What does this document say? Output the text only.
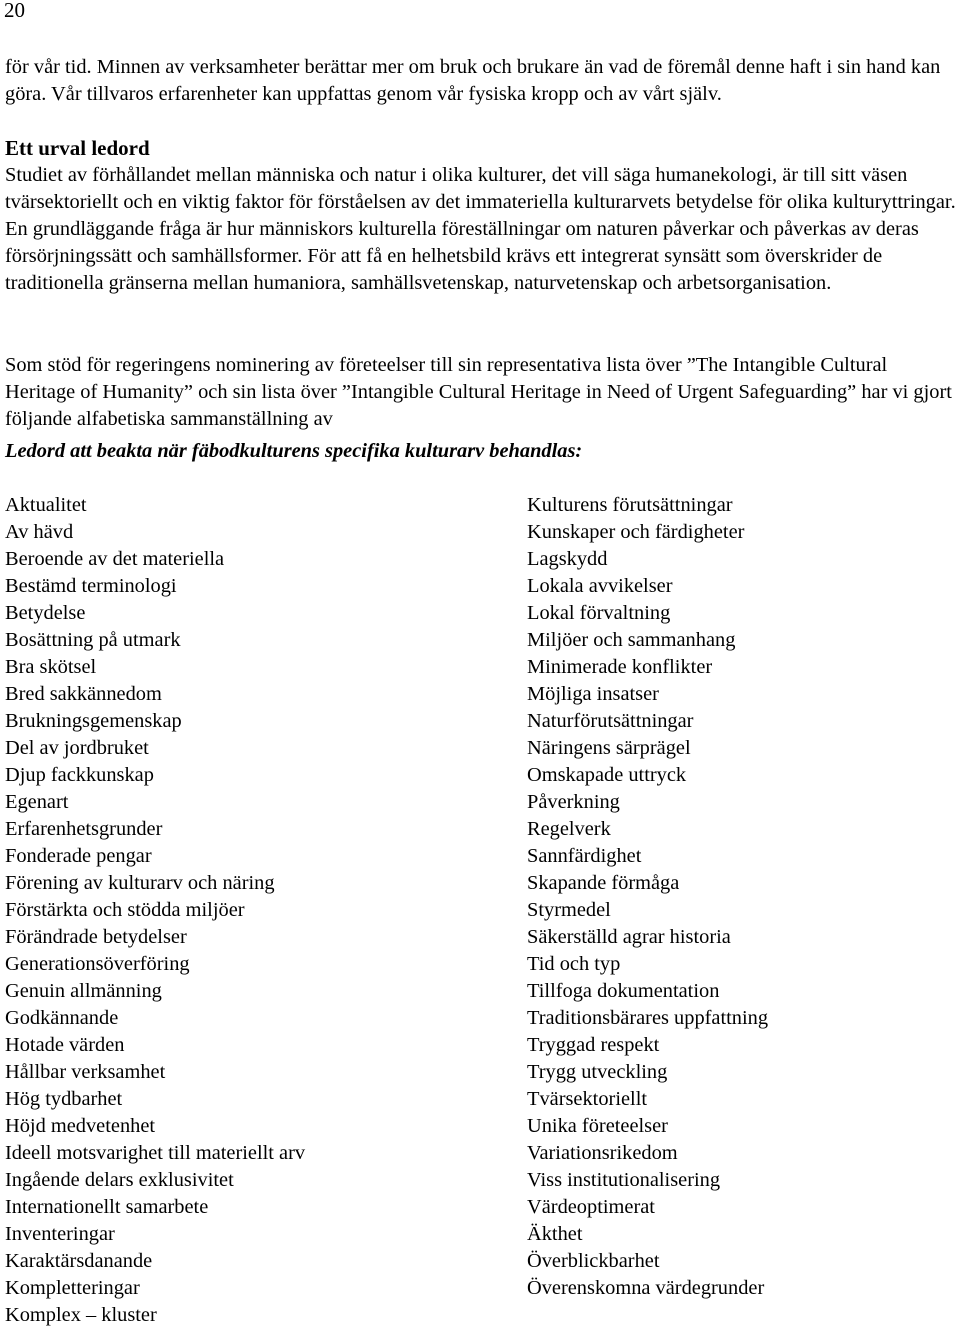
20

för vår tid. Minnen av verksamheter berättar mer om bruk och brukare än vad de föremål denne haft i sin hand kan göra. Vår tillvaros erfarenheter kan uppfattas genom vår fysiska kropp och av vårt själv.

Ett urval ledord

Studiet av förhållandet mellan människa och natur i olika kulturer, det vill säga humanekologi, är till sitt väsen tvärsektoriellt och en viktig faktor för förståelsen av det immateriella kulturarvets betydelse för olika kulturyttringar. En grundläggande fråga är hur människors kulturella föreställningar om naturen påverkar och påverkas av deras försörjningssätt och samhällsformer. För att få en helhetsbild krävs ett integrerat synsätt som överskrider de traditionella gränserna mellan humaniora, samhällsvetenskap, naturvetenskap och arbetsorganisation.

Som stöd för regeringens nominering av företeelser till sin representativa lista över ”The Intangible Cultural Heritage of Humanity” och sin lista över ”Intangible Cultural Heritage in Need of Urgent Safeguarding” har vi gjort följande alfabetiska sammanställning av

Ledord att beakta när fäbodkulturens specifika kulturarv behandlas:

Aktualitet
Av hävd
Beroende av det materiella
Bestämd terminologi
Betydelse
Bosättning på utmark
Bra skötsel
Bred sakkännedom
Brukningsgemenskap
Del av jordbruket
Djup fackkunskap
Egenart
Erfarenhetsgrunder
Fonderade pengar
Förening av kulturarv och näring
Förstärkta och stödda miljöer
Förändrade betydelser
Generationsöverföring
Genuin allmänning
Godkännande
Hotade värden
Hållbar verksamhet
Hög tydbarhet
Höjd medvetenhet
Ideell motsvarighet till materiellt arv
Ingående delars exklusivitet
Internationellt samarbete
Inventeringar
Karaktärsdanande
Kompletteringar
Komplex – kluster
Kulturens förutsättningar
Kunskaper och färdigheter
Lagskydd
Lokala avvikelser
Lokal förvaltning
Miljöer och sammanhang
Minimerade konflikter
Möjliga insatser
Naturförutsättningar
Näringens särprägel
Omskapade uttryck
Påverkning
Regelverk
Sannfärdighet
Skapande förmåga
Styrmedel
Säkerställd agrar historia
Tid och typ
Tillfoga dokumentation
Traditionsbärares uppfattning
Tryggad respekt
Trygg utveckling
Tvärsektoriellt
Unika företeelser
Variationsrikedom
Viss institutionalisering
Värdeoptimerat
Äkthet
Överblickbarhet
Överenskomna värdegrunder
